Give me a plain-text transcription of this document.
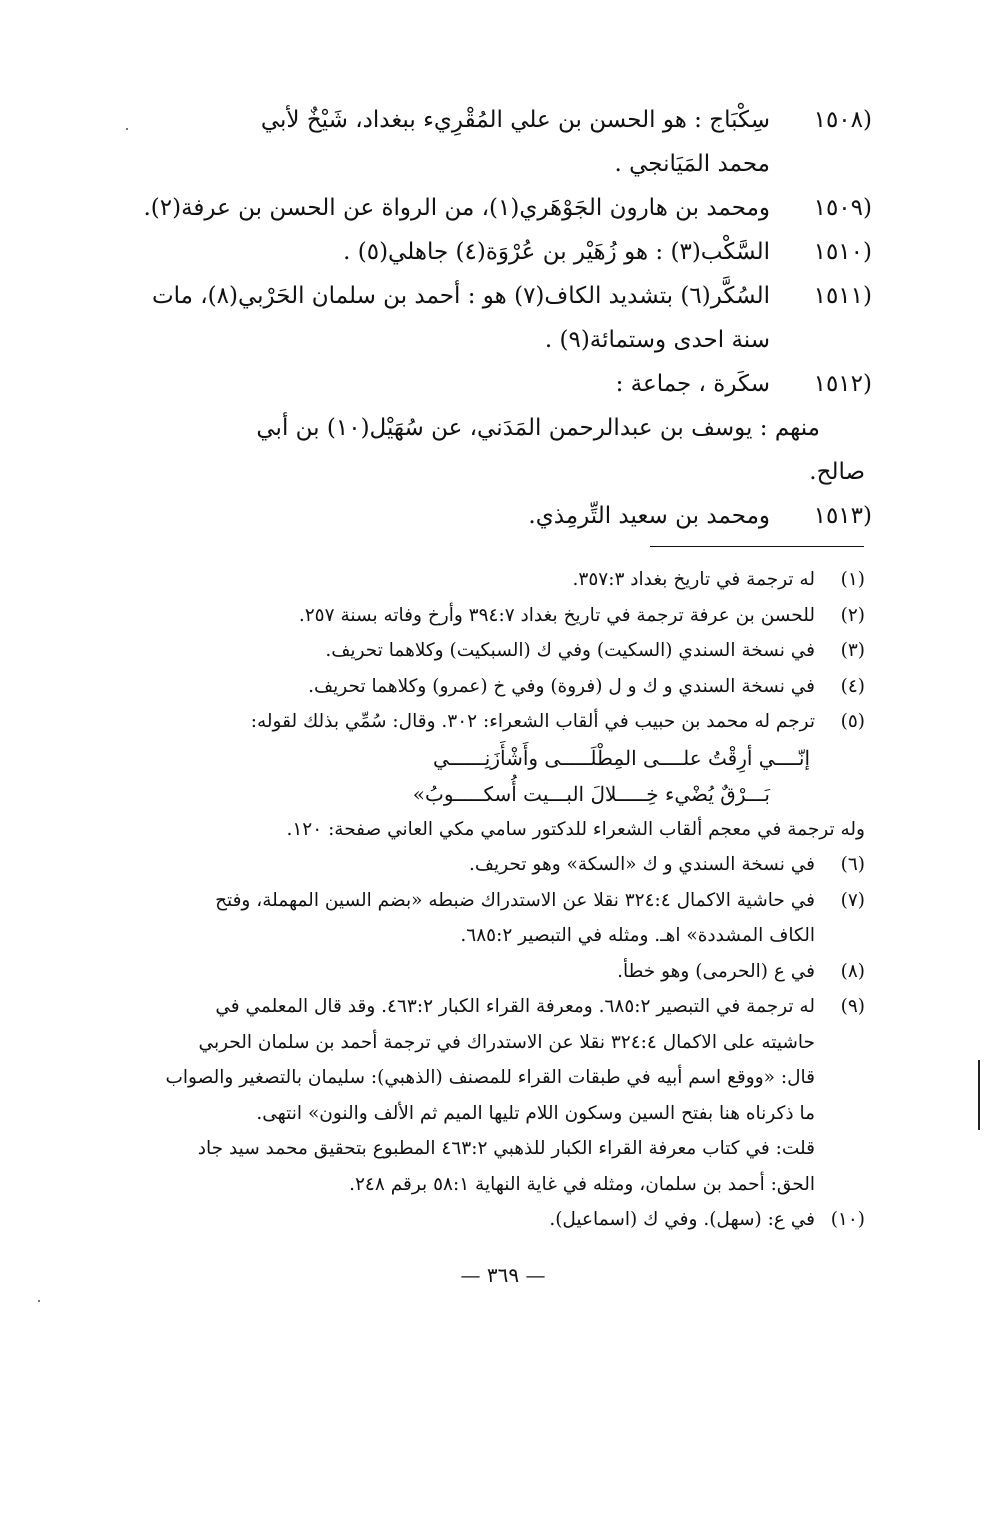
١٥٠٨)
سِكْبَاج : هو الحسن بن علي المُقْرِيء ببغداد، شَيْخٌ لأبي
محمد المَيَانجي .
١٥٠٩)
ومحمد بن هارون الجَوْهَري(١)، من الرواة عن الحسن بن عرفة(٢).
١٥١٠)
السَّكْب(٣) : هو زُهَيْر بن عُرْوَة(٤) جاهلي(٥) .
١٥١١)
السُكَّر(٦) بتشديد الكاف(٧) هو : أحمد بن سلمان الحَرْبي(٨)، مات
سنة احدى وستمائة(٩) .
١٥١٢)
سكَرة ، جماعة :
منهم : يوسف بن عبدالرحمن المَدَني، عن سُهَيْل(١٠) بن أبي
صالح.
١٥١٣)
ومحمد بن سعيد التِّرمِذي.
(١)
له ترجمة في تاريخ بغداد ٣٥٧:٣.
(٢)
للحسن بن عرفة ترجمة في تاريخ بغداد ٣٩٤:٧ وأرخ وفاته بسنة ٢٥٧.
(٣)
في نسخة السندي (السكيت) وفي ك (السبكيت) وكلاهما تحريف.
(٤)
في نسخة السندي و ك و ل (فروة) وفي خ (عمرو) وكلاهما تحريف.
(٥)
ترجم له محمد بن حبيب في ألقاب الشعراء: ٣٠٢. وقال: سُمِّي بذلك لقوله:
إنّــــي أرِقْتُ علــــى المِطْلَـــــى وأَشْأَزَنِــــــي
بَـــرْقٌ يُضْيء خِـــــلالَ البـــيت أُسكـــــوبُ»
وله ترجمة في معجم ألقاب الشعراء للدكتور سامي مكي العاني صفحة: ١٢٠.
(٦)
في نسخة السندي و ك «السكة» وهو تحريف.
(٧)
في حاشية الاكمال ٣٢٤:٤ نقلا عن الاستدراك ضبطه «بضم السين المهملة، وفتح
الكاف المشددة» اهـ. ومثله في التبصير ٦٨٥:٢.
(٨)
في ع (الحرمى) وهو خطأ.
(٩)
له ترجمة في التبصير ٦٨٥:٢. ومعرفة القراء الكبار ٤٦٣:٢. وقد قال المعلمي في
حاشيته على الاكمال ٣٢٤:٤ نقلا عن الاستدراك في ترجمة أحمد بن سلمان الحربي
قال: «ووقع اسم أبيه في طبقات القراء للمصنف (الذهبي): سليمان بالتصغير والصواب
ما ذكرناه هنا بفتح السين وسكون اللام تليها الميم ثم الألف والنون» انتهى.
قلت: في كتاب معرفة القراء الكبار للذهبي ٤٦٣:٢ المطبوع بتحقيق محمد سيد جاد
الحق: أحمد بن سلمان، ومثله في غاية النهاية ٥٨:١ برقم ٢٤٨.
(١٠)
في ع: (سهل). وفي ك (اسماعيل).
— ٣٦٩ —
